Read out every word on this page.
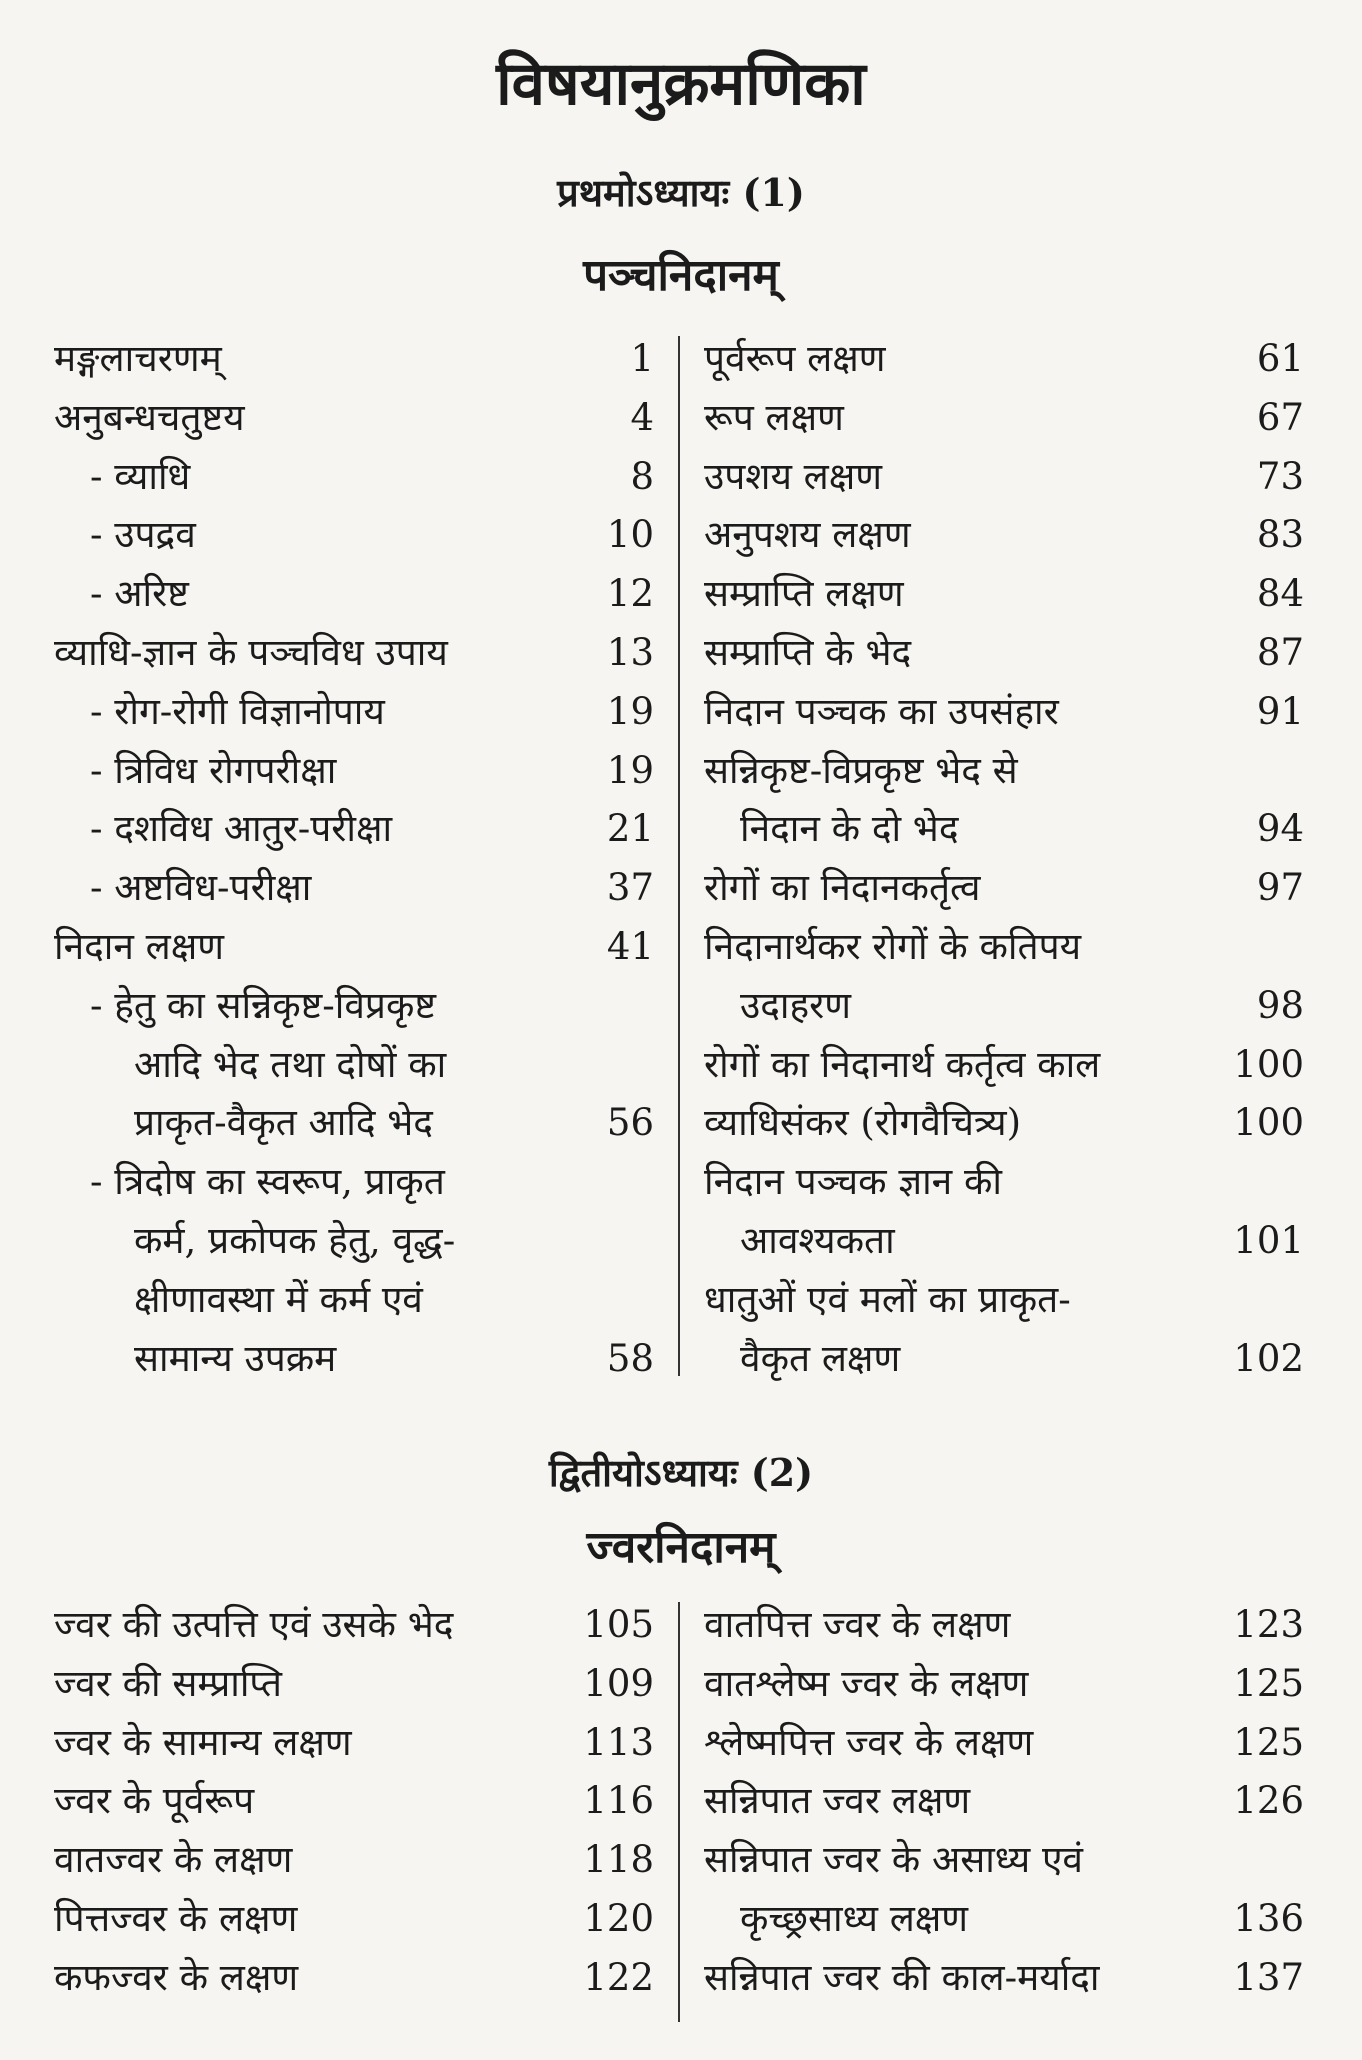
विषयानुक्रमणिका
प्रथमोऽध्यायः (1)
पञ्चनिदानम्
मङ्गलाचरणम्	1
अनुबन्धचतुष्टय	4
- व्याधि	8
- उपद्रव	10
- अरिष्ट	12
व्याधि-ज्ञान के पञ्चविध उपाय	13
- रोग-रोगी विज्ञानोपाय	19
- त्रिविध रोगपरीक्षा	19
- दशविध आतुर-परीक्षा	21
- अष्टविध-परीक्षा	37
निदान लक्षण	41
- हेतु का सन्निकृष्ट-विप्रकृष्ट
आदि भेद तथा दोषों का
प्राकृत-वैकृत आदि भेद	56
- त्रिदोष का स्वरूप, प्राकृत
कर्म, प्रकोपक हेतु, वृद्ध-
क्षीणावस्था में कर्म एवं
सामान्य उपक्रम	58
पूर्वरूप लक्षण	61
रूप लक्षण	67
उपशय लक्षण	73
अनुपशय लक्षण	83
सम्प्राप्ति लक्षण	84
सम्प्राप्ति के भेद	87
निदान पञ्चक का उपसंहार	91
सन्निकृष्ट-विप्रकृष्ट भेद से
निदान के दो भेद	94
रोगों का निदानकर्तृत्व	97
निदानार्थकर रोगों के कतिपय
उदाहरण	98
रोगों का निदानार्थ कर्तृत्व काल	100
व्याधिसंकर (रोगवैचित्र्य)	100
निदान पञ्चक ज्ञान की
आवश्यकता	101
धातुओं एवं मलों का प्राकृत-
वैकृत लक्षण	102
द्वितीयोऽध्यायः (2)
ज्वरनिदानम्
ज्वर की उत्पत्ति एवं उसके भेद	105
ज्वर की सम्प्राप्ति	109
ज्वर के सामान्य लक्षण	113
ज्वर के पूर्वरूप	116
वातज्वर के लक्षण	118
पित्तज्वर के लक्षण	120
कफज्वर के लक्षण	122
वातपित्त ज्वर के लक्षण	123
वातश्लेष्म ज्वर के लक्षण	125
श्लेष्मपित्त ज्वर के लक्षण	125
सन्निपात ज्वर लक्षण	126
सन्निपात ज्वर के असाध्य एवं
कृच्छ्रसाध्य लक्षण	136
सन्निपात ज्वर की काल-मर्यादा	137
